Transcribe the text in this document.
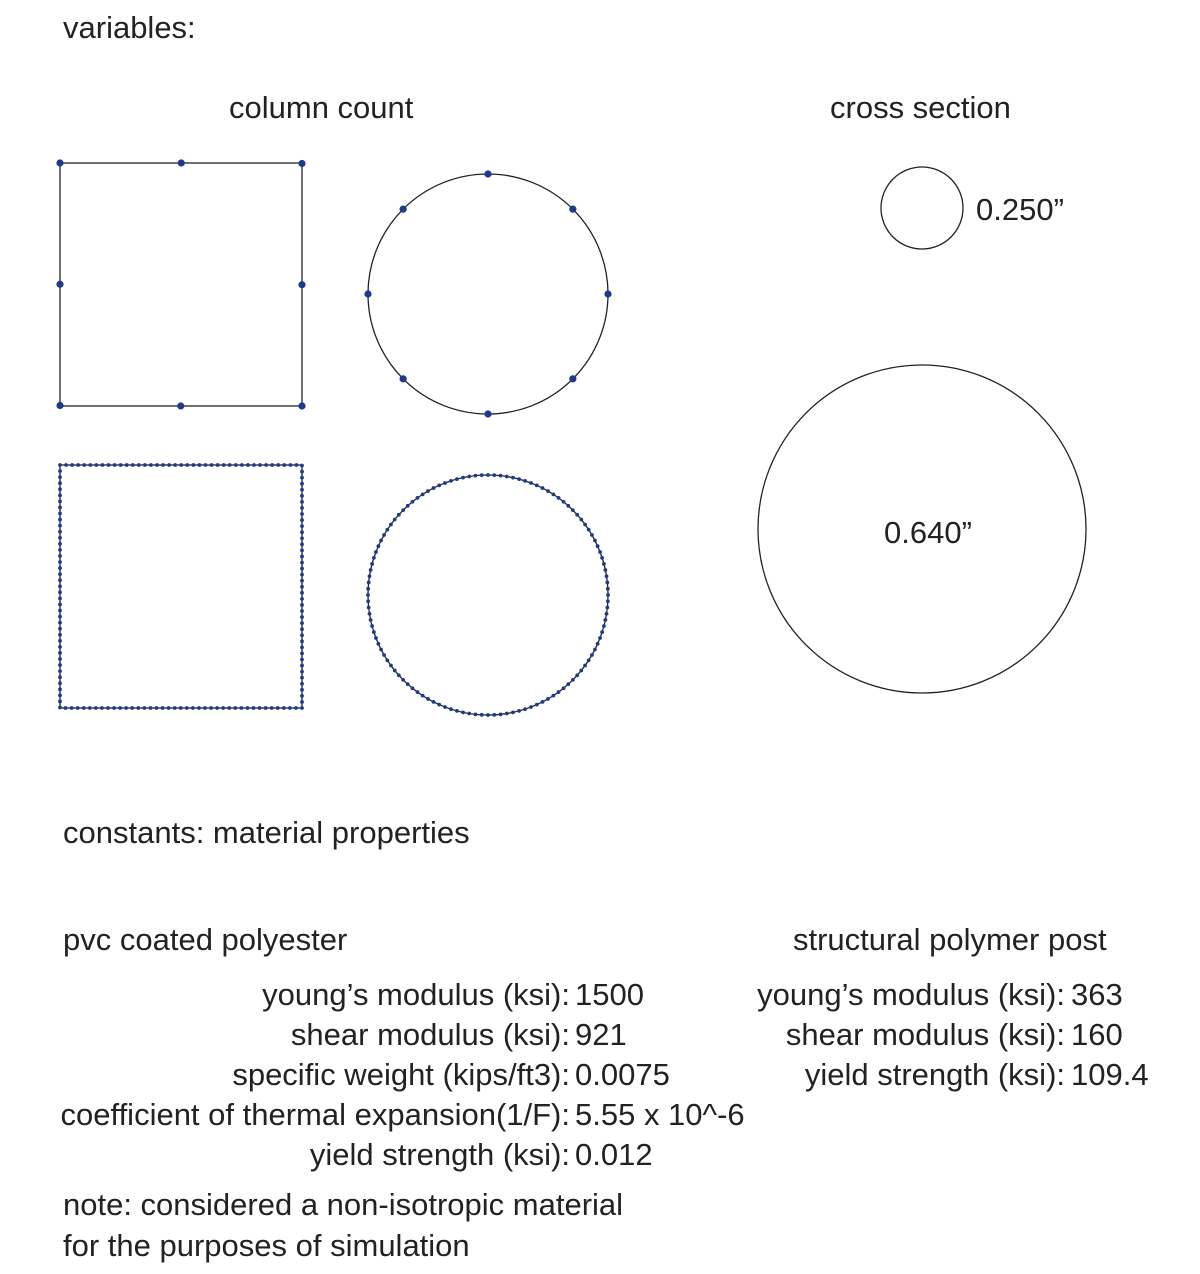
variables:

column count	cross section

0.250”
0.640”

constants: material properties

pvc coated polyester	structural polymer post

young’s modulus (ksi): 1500

shear modulus (ksi): 921

specific weight (kips/ft3): 0.0075

coefficient of thermal expansion(1/F): 5.55 x 10^-6

yield strength (ksi): 0.012

young’s modulus (ksi): 363

shear modulus (ksi): 160

yield strength (ksi): 109.4

note: considered a non-isotropic material

for the purposes of simulation
